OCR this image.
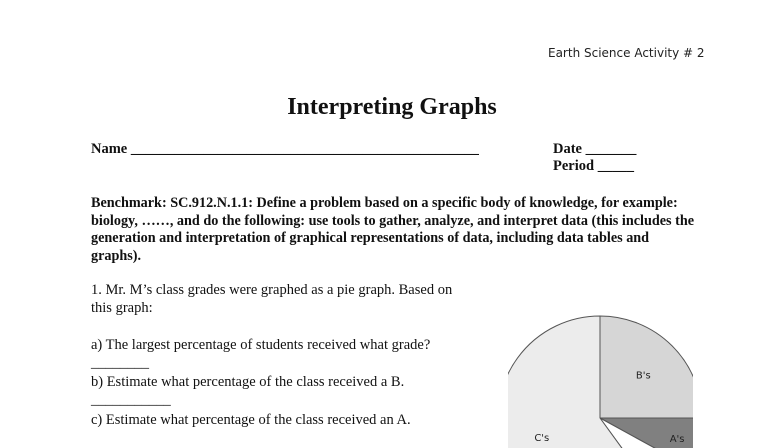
Earth Science Activity # 2
Interpreting Graphs
Name ________________________________________________	Date _______
Period _____
Benchmark: SC.912.N.1.1: Define a problem based on a specific body of knowledge, for example: biology, ……, and do the following: use tools to gather, analyze, and interpret data (this includes the generation and interpretation of graphical representations of data, including data tables and graphs).
1. Mr. M’s class grades were graphed as a pie graph. Based on
this graph:
a) The largest percentage of students received what grade?
________
b) Estimate what percentage of the class received a B.
___________
c) Estimate what percentage of the class received an A.
B's
A's
C's
